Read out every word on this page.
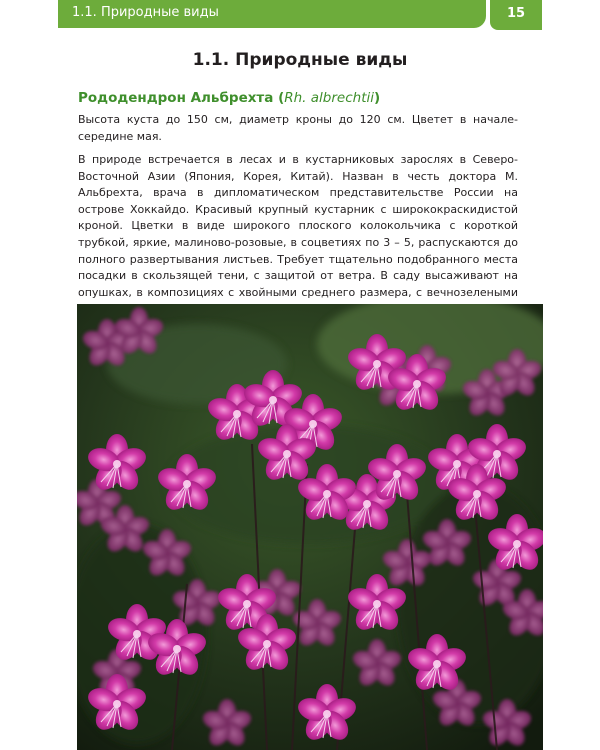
1.1. Природные виды	15
1.1. Природные виды
Рододендрон Альбрехта (Rh. albrechtii)

Высота куста до 150 см, диаметр кроны до 120 см. Цветет в начале-середине мая.

В природе встречается в лесах и в кустарниковых зарослях в Северо-Восточной Азии (Япония, Корея, Китай). Назван в честь доктора М. Альбрехта, врача в дипломатическом представительстве России на острове Хоккайдо. Красивый крупный кустарник с ширококраскидистой кроной. Цветки в виде широкого плоского колокольчика с короткой трубкой, яркие, малиново-розовые, в соцветиях по 3 – 5, распускаются до полного развертывания листьев. Требует тщательно подобранного места посадки в скользящей тени, с защитой от ветра. В саду высаживают на опушках, в композициях с хвойными среднего размера, с вечнозелеными
